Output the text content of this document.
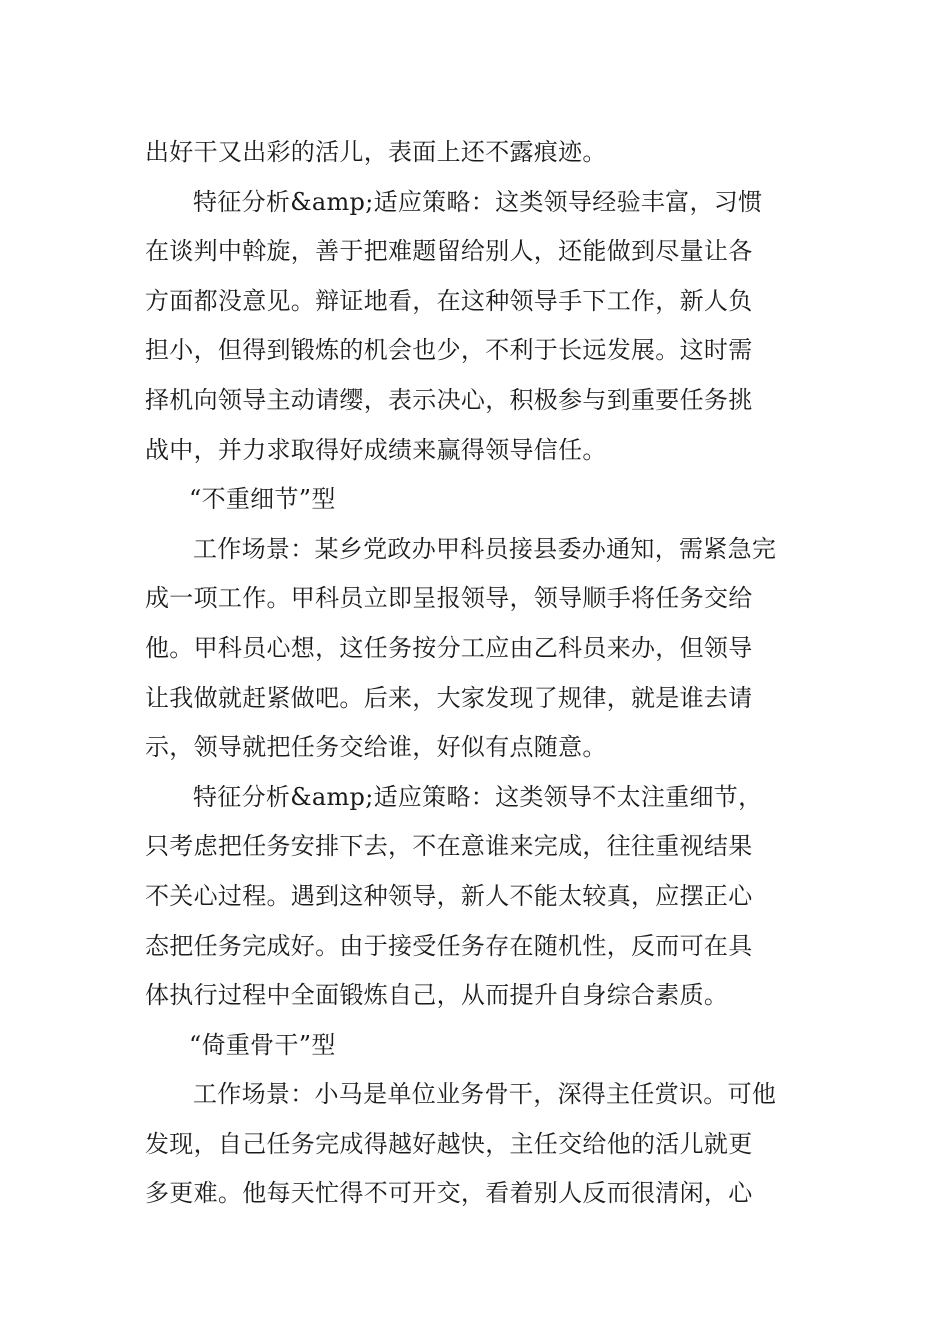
出好干又出彩的活儿，表面上还不露痕迹。
特征分析&amp;适应策略：这类领导经验丰富，习惯
在谈判中斡旋，善于把难题留给别人，还能做到尽量让各
方面都没意见。辩证地看，在这种领导手下工作，新人负
担小，但得到锻炼的机会也少，不利于长远发展。这时需
择机向领导主动请缨，表示决心，积极参与到重要任务挑
战中，并力求取得好成绩来赢得领导信任。
“不重细节”型
工作场景：某乡党政办甲科员接县委办通知，需紧急完
成一项工作。甲科员立即呈报领导，领导顺手将任务交给
他。甲科员心想，这任务按分工应由乙科员来办，但领导
让我做就赶紧做吧。后来，大家发现了规律，就是谁去请
示，领导就把任务交给谁，好似有点随意。
特征分析&amp;适应策略：这类领导不太注重细节，
只考虑把任务安排下去，不在意谁来完成，往往重视结果
不关心过程。遇到这种领导，新人不能太较真，应摆正心
态把任务完成好。由于接受任务存在随机性，反而可在具
体执行过程中全面锻炼自己，从而提升自身综合素质。
“倚重骨干”型
工作场景：小马是单位业务骨干，深得主任赏识。可他
发现，自己任务完成得越好越快，主任交给他的活儿就更
多更难。他每天忙得不可开交，看着别人反而很清闲，心
